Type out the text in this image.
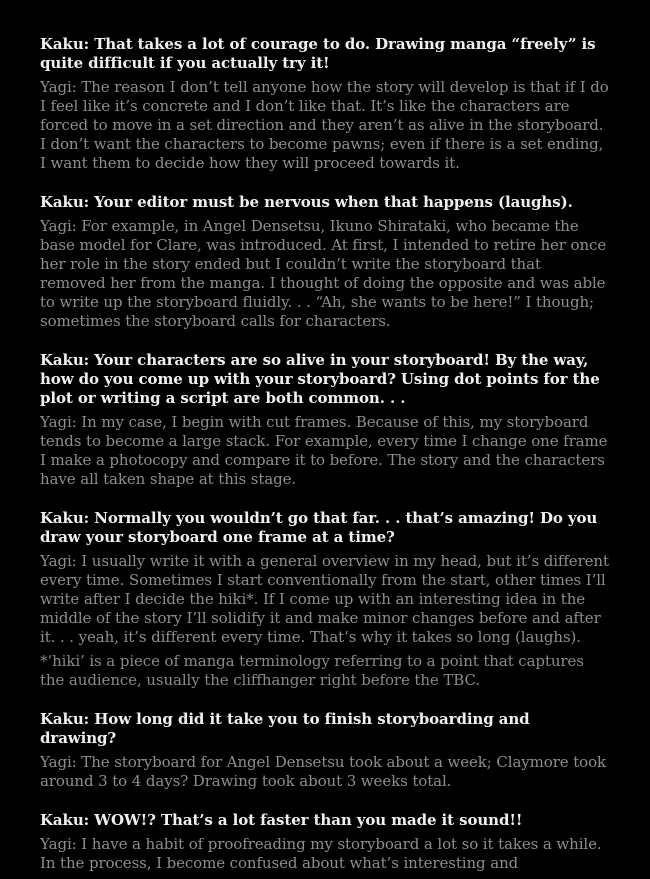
Kaku: That takes a lot of courage to do. Drawing manga “freely” is quite difficult if you actually try it!

Yagi: The reason I don’t tell anyone how the story will develop is that if I do I feel like it’s concrete and I don’t like that. It’s like the characters are forced to move in a set direction and they aren’t as alive in the storyboard. I don’t want the characters to become pawns; even if there is a set ending, I want them to decide how they will proceed towards it.

Kaku: Your editor must be nervous when that happens (laughs).

Yagi: For example, in Angel Densetsu, Ikuno Shirataki, who became the base model for Clare, was introduced. At first, I intended to retire her once her role in the story ended but I couldn’t write the storyboard that removed her from the manga. I thought of doing the opposite and was able to write up the storyboard fluidly. . . “Ah, she wants to be here!” I though; sometimes the storyboard calls for characters.

Kaku: Your characters are so alive in your storyboard! By the way, how do you come up with your storyboard? Using dot points for the plot or writing a script are both common. . .

Yagi: In my case, I begin with cut frames. Because of this, my storyboard tends to become a large stack. For example, every time I change one frame I make a photocopy and compare it to before. The story and the characters have all taken shape at this stage.

Kaku: Normally you wouldn’t go that far. . . that’s amazing! Do you draw your storyboard one frame at a time?

Yagi: I usually write it with a general overview in my head, but it’s different every time. Sometimes I start conventionally from the start, other times I’ll write after I decide the hiki*. If I come up with an interesting idea in the middle of the story I’ll solidify it and make minor changes before and after it. . . yeah, it’s different every time. That’s why it takes so long (laughs).

*‘hiki’ is a piece of manga terminology referring to a point that captures the audience, usually the cliffhanger right before the TBC.

Kaku: How long did it take you to finish storyboarding and drawing?

Yagi: The storyboard for Angel Densetsu took about a week; Claymore took around 3 to 4 days? Drawing took about 3 weeks total.

Kaku: WOW!? That’s a lot faster than you made it sound!!

Yagi: I have a habit of proofreading my storyboard a lot so it takes a while. In the process, I become confused about what’s interesting and
